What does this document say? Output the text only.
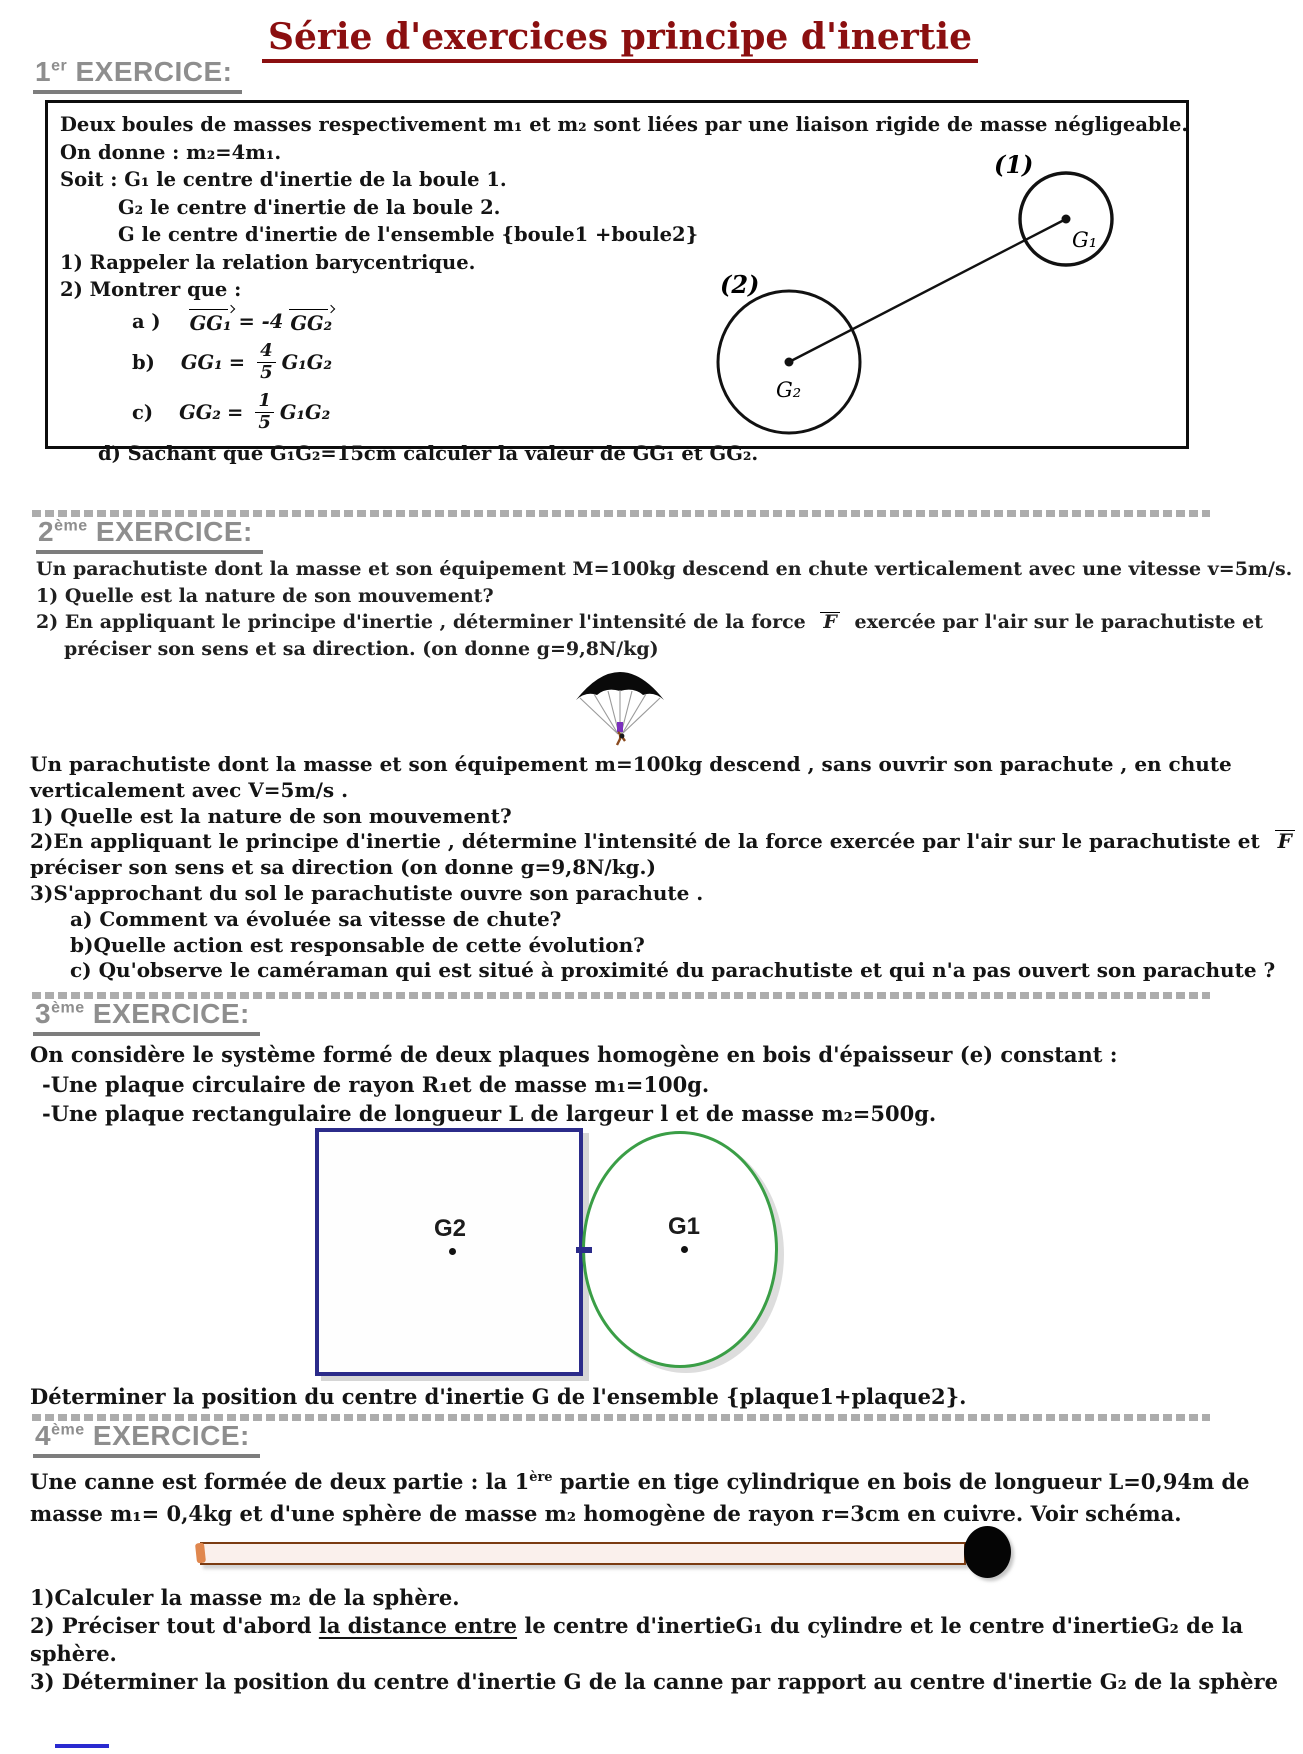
Série d'exercices principe d'inertie
1er EXERCICE:
Deux boules de masses respectivement m₁ et m₂ sont liées par une liaison rigide de masse négligeable.
On donne : m₂=4m₁.
Soit : G₁ le centre d'inertie de la boule 1.
G₂ le centre d'inertie de la boule 2.
G le centre d'inertie de l'ensemble {boule1 +boule2}
1) Rappeler la relation barycentrique.
2) Montrer que :
a ) GG₁ = -4 GG₂
b) $GG_1 = \frac{4}{5} G_1G_2$
c) $GG_2 = \frac{1}{5} G_1G_2$
d) Sachant que G₁G₂=15cm calculer la valeur de GG₁ et GG₂.
(1)
(2)
G₁
G₂
2ème EXERCICE:
Un parachutiste dont la masse et son équipement M=100kg descend en chute verticalement avec une vitesse v=5m/s.
1) Quelle est la nature de son mouvement?
2) En appliquant le principe d'inertie , déterminer l'intensité de la force F exercée par l'air sur le parachutiste et
préciser son sens et sa direction. (on donne g=9,8N/kg)
Un parachutiste dont la masse et son équipement m=100kg descend , sans ouvrir son parachute , en chute
verticalement avec V=5m/s .
1) Quelle est la nature de son mouvement?
2)En appliquant le principe d'inertie , détermine l'intensité de la force exercée par l'air sur le parachutiste et F
préciser son sens et sa direction (on donne g=9,8N/kg.)
3)S'approchant du sol le parachutiste ouvre son parachute .
a) Comment va évoluée sa vitesse de chute?
b)Quelle action est responsable de cette évolution?
c) Qu'observe le caméraman qui est situé à proximité du parachutiste et qui n'a pas ouvert son parachute ?
3ème EXERCICE:
On considère le système formé de deux plaques homogène en bois d'épaisseur (e) constant :
-Une plaque circulaire de rayon R₁et de masse m₁=100g.
-Une plaque rectangulaire de longueur L de largeur l et de masse m₂=500g.
G2	G1
Déterminer la position du centre d'inertie G de l'ensemble {plaque1+plaque2}.
4ème EXERCICE:
Une canne est formée de deux partie : la 1ère partie en tige cylindrique en bois de longueur L=0,94m de
masse m₁= 0,4kg et d'une sphère de masse m₂ homogène de rayon r=3cm en cuivre. Voir schéma.
1)Calculer la masse m₂ de la sphère.
2) Préciser tout d'abord la distance entre le centre d'inertieG₁ du cylindre et le centre d'inertieG₂ de la
sphère.
3) Déterminer la position du centre d'inertie G de la canne par rapport au centre d'inertie G₂ de la sphère
